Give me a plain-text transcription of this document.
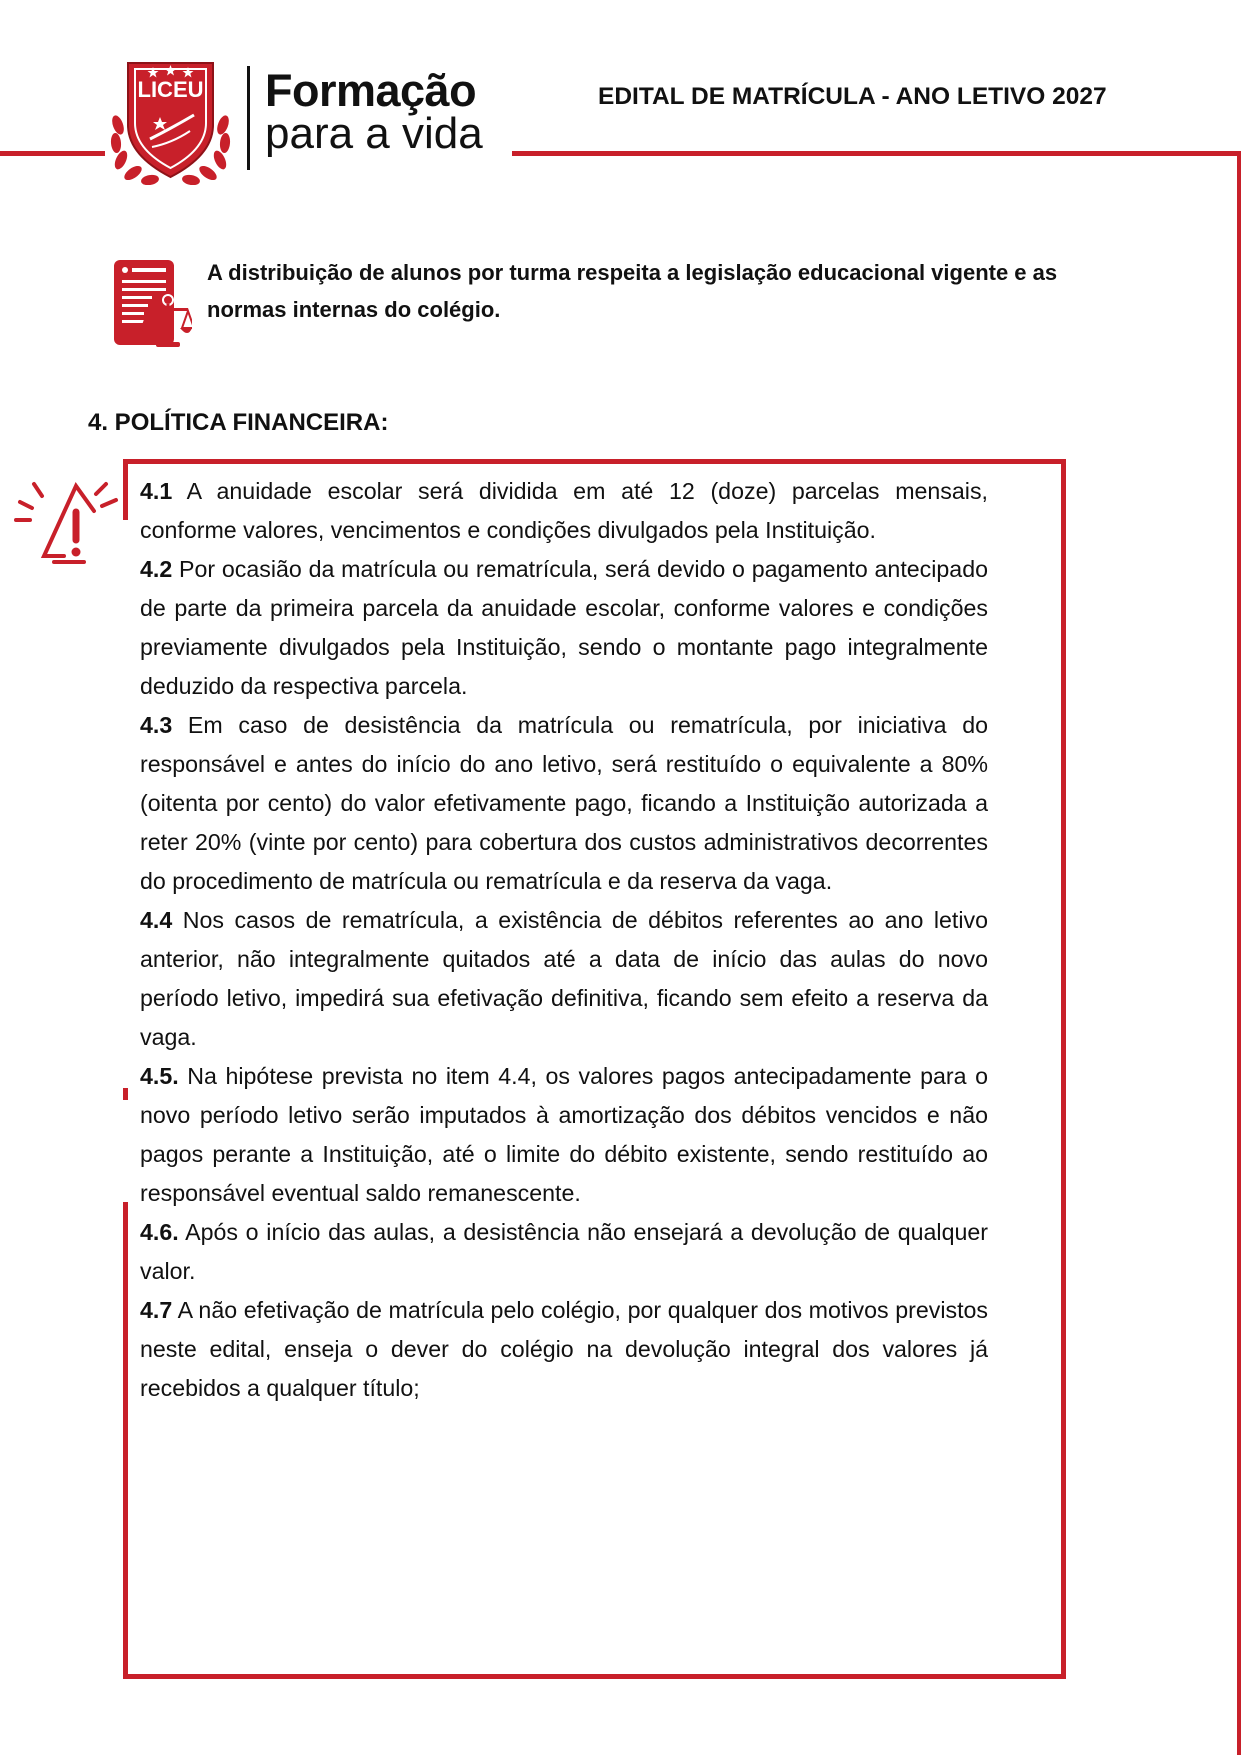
LICEU Formação
para a vida
EDITAL DE MATRÍCULA - ANO LETIVO 2027
A distribuição de alunos por turma respeita a legislação educacional vigente e as normas internas do colégio.
4. POLÍTICA FINANCEIRA:

4.1 A anuidade escolar será dividida em até 12 (doze) parcelas mensais, conforme valores, vencimentos e condições divulgados pela Instituição.

4.2 Por ocasião da matrícula ou rematrícula, será devido o pagamento antecipado de parte da primeira parcela da anuidade escolar, conforme valores e condições previamente divulgados pela Instituição, sendo o montante pago integralmente deduzido da respectiva parcela.

4.3 Em caso de desistência da matrícula ou rematrícula, por iniciativa do responsável e antes do início do ano letivo, será restituído o equivalente a 80% (oitenta por cento) do valor efetivamente pago, ficando a Instituição autorizada a reter 20% (vinte por cento) para cobertura dos custos administrativos decorrentes do procedimento de matrícula ou rematrícula e da reserva da vaga.

4.4 Nos casos de rematrícula, a existência de débitos referentes ao ano letivo anterior, não integralmente quitados até a data de início das aulas do novo período letivo, impedirá sua efetivação definitiva, ficando sem efeito a reserva da vaga.

4.5. Na hipótese prevista no item 4.4, os valores pagos antecipadamente para o novo período letivo serão imputados à amortização dos débitos vencidos e não pagos perante a Instituição, até o limite do débito existente, sendo restituído ao responsável eventual saldo remanescente.

4.6. Após o início das aulas, a desistência não ensejará a devolução de qualquer valor.

4.7 A não efetivação de matrícula pelo colégio, por qualquer dos motivos previstos neste edital, enseja o dever do colégio na devolução integral dos valores já recebidos a qualquer título;
